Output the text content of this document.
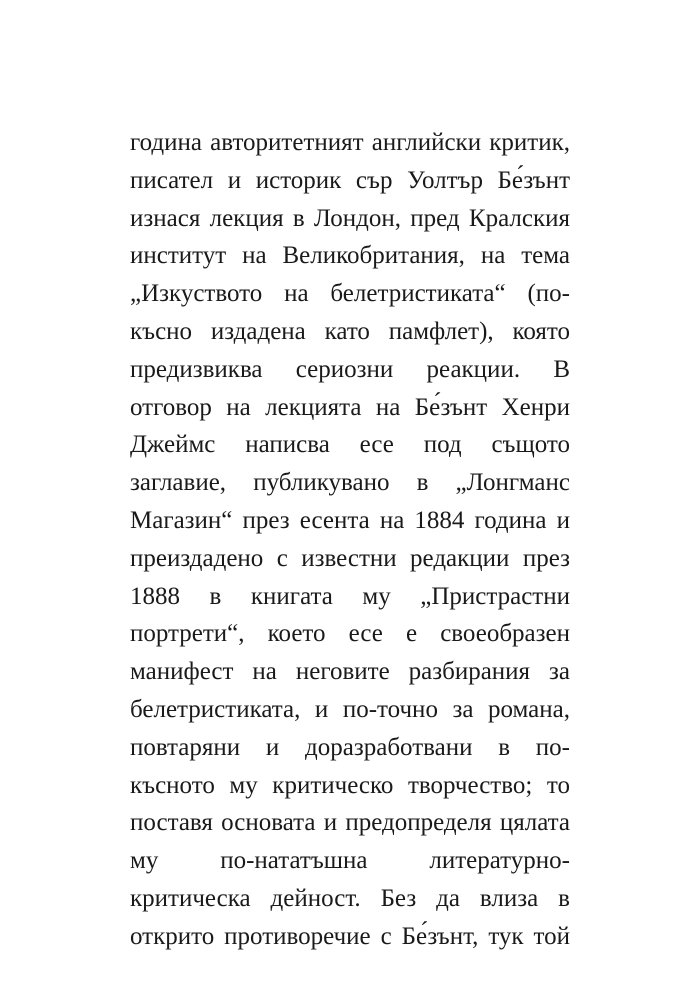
година авторитетният английски критик,
писател и историк сър Уолтър Бе́зънт
изнася лекция в Лондон, пред Кралския
институт на Великобритания, на тема
„Изкуството на белетристиката“ (по-
късно издадена като памфлет), която
предизвиква сериозни реакции. В
отговор на лекцията на Бе́зънт Хенри
Джеймс написва есе под същото
заглавие, публикувано в „Лонгманс
Магазин“ през есента на 1884 година и
преиздадено с известни редакции през
1888 в книгата му „Пристрастни
портрети“, което есе е своеобразен
манифест на неговите разбирания за
белетристиката, и по-точно за романа,
повтаряни и доразработвани в по-
късното му критическо творчество; то
поставя основата и предопределя цялата
му по-нататъшна литературно-
критическа дейност. Без да влиза в
открито противоречие с Бе́зънт, тук той
